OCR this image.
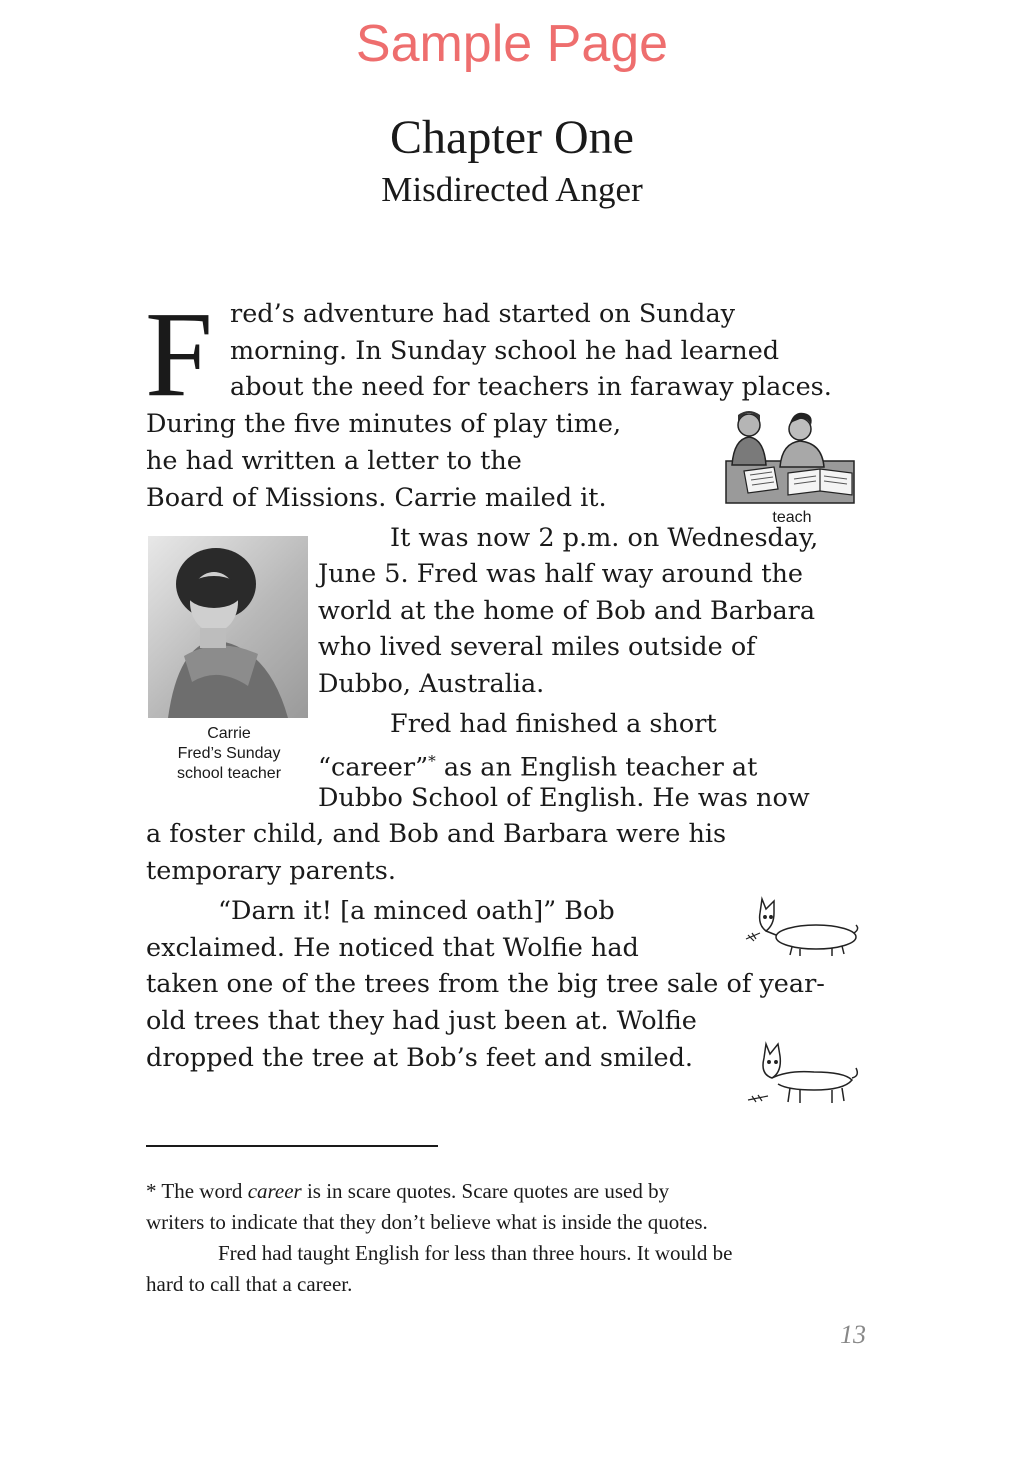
Sample Page
Chapter One
Misdirected Anger
F red’s adventure had started on Sunday
morning. In Sunday school he had learned
about the need for teachers in faraway places.
During the five minutes of play time,
he had written a letter to the
Board of Missions. Carrie mailed it.
It was now 2 p.m. on Wednesday,
June 5. Fred was half way around the
world at the home of Bob and Barbara
who lived several miles outside of
Dubbo, Australia.
Fred had finished a short
“career”* as an English teacher at
Dubbo School of English. He was now
a foster child, and Bob and Barbara were his
temporary parents.
“Darn it! [a minced oath]” Bob
exclaimed. He noticed that Wolfie had
taken one of the trees from the big tree sale of year-
old trees that they had just been at. Wolfie
dropped the tree at Bob’s feet and smiled.
teach
Carrie
Fred’s Sunday
school teacher
* The word career is in scare quotes. Scare quotes are used by
writers to indicate that they don’t believe what is inside the quotes.
Fred had taught English for less than three hours. It would be
hard to call that a career.
13
